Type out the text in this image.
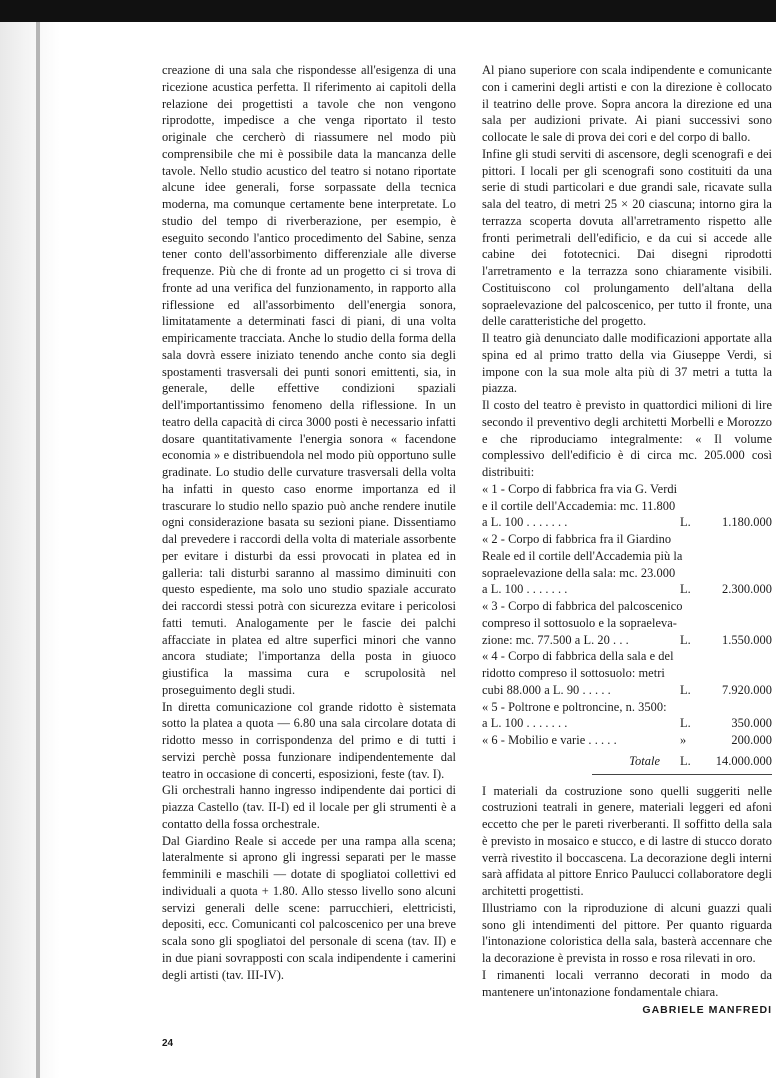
creazione di una sala che rispondesse all'esigenza di una ricezione acustica perfetta. Il riferimento ai capitoli della relazione dei progettisti a tavole che non vengono riprodotte, impedisce a che venga riportato il testo originale che cercherò di riassumere nel modo più comprensibile che mi è possibile data la mancanza delle tavole. Nello studio acustico del teatro si notano riportate alcune idee generali, forse sorpassate della tecnica moderna, ma comunque certamente bene interpretate. Lo studio del tempo di riverberazione, per esempio, è eseguito secondo l'antico procedimento del Sabine, senza tener conto dell'assorbimento differenziale alle diverse frequenze. Più che di fronte ad un progetto ci si trova di fronte ad una verifica del funzionamento, in rapporto alla riflessione ed all'assorbimento dell'energia sonora, limitatamente a determinati fasci di piani, di una volta empiricamente tracciata. Anche lo studio della forma della sala dovrà essere iniziato tenendo anche conto sia degli spostamenti trasversali dei punti sonori emittenti, sia, in generale, delle effettive condizioni spaziali dell'importantissimo fenomeno della riflessione. In un teatro della capacità di circa 3000 posti è necessario infatti dosare quantitativamente l'energia sonora « facendone economia » e distribuendola nel modo più opportuno sulle gradinate. Lo studio delle curvature trasversali della volta ha infatti in questo caso enorme importanza ed il trascurare lo studio nello spazio può anche rendere inutile ogni considerazione basata su sezioni piane. Dissentiamo dal prevedere i raccordi della volta di materiale assorbente per evitare i disturbi da essi provocati in platea ed in galleria: tali disturbi saranno al massimo diminuiti con questo espediente, ma solo uno studio spaziale accurato dei raccordi stessi potrà con sicurezza evitare i pericolosi fatti temuti. Analogamente per le fascie dei palchi affacciate in platea ed altre superfici minori che vanno ancora studiate; l'importanza della posta in giuoco giustifica la massima cura e scrupolosità nel proseguimento degli studi.

In diretta comunicazione col grande ridotto è sistemata sotto la platea a quota — 6.80 una sala circolare dotata di ridotto messo in corrispondenza del primo e di tutti i servizi perchè possa funzionare indipendentemente dal teatro in occasione di concerti, esposizioni, feste (tav. I).

Gli orchestrali hanno ingresso indipendente dai portici di piazza Castello (tav. II-I) ed il locale per gli strumenti è a contatto della fossa orchestrale.

Dal Giardino Reale si accede per una rampa alla scena; lateralmente si aprono gli ingressi separati per le masse femminili e maschili — dotate di spogliatoi collettivi ed individuali a quota + 1.80. Allo stesso livello sono alcuni servizi generali delle scene: parrucchieri, elettricisti, depositi, ecc. Comunicanti col palcoscenico per una breve scala sono gli spogliatoi del personale di scena (tav. II) e in due piani sovrapposti con scala indipendente i camerini degli artisti (tav. III-IV).

Al piano superiore con scala indipendente e comunicante con i camerini degli artisti e con la direzione è collocato il teatrino delle prove. Sopra ancora la direzione ed una sala per audizioni private. Ai piani successivi sono collocate le sale di prova dei cori e del corpo di ballo.

Infine gli studi serviti di ascensore, degli scenografi e dei pittori. I locali per gli scenografi sono costituiti da una serie di studi particolari e due grandi sale, ricavate sulla sala del teatro, di metri 25 × 20 ciascuna; intorno gira la terrazza scoperta dovuta all'arretramento rispetto alle fronti perimetrali dell'edificio, e da cui si accede alle cabine dei fototecnici. Dai disegni riprodotti l'arretramento e la terrazza sono chiaramente visibili. Costituiscono col prolungamento dell'altana della sopraelevazione del palcoscenico, per tutto il fronte, una delle caratteristiche del progetto.

Il teatro già denunciato dalle modificazioni apportate alla spina ed al primo tratto della via Giuseppe Verdi, si impone con la sua mole alta più di 37 metri a tutta la piazza.

Il costo del teatro è previsto in quattordici milioni di lire secondo il preventivo degli architetti Morbelli e Morozzo e che riproduciamo integralmente: « Il volume complessivo dell'edificio è di circa mc. 205.000 così distribuiti:

« 1 - Corpo di fabbrica fra via G. Verdi
e il cortile dell'Accademia: mc. 11.800
a L. 100 . . . . . . .	L.	1.180.000
« 2 - Corpo di fabbrica fra il Giardino
Reale ed il cortile dell'Accademia più la
sopraelevazione della sala: mc. 23.000
a L. 100 . . . . . . .	L.	2.300.000
« 3 - Corpo di fabbrica del palcoscenico
compreso il sottosuolo e la sopraeleva-
zione: mc. 77.500 a L. 20 . . .	L.	1.550.000
« 4 - Corpo di fabbrica della sala e del
ridotto compreso il sottosuolo: metri
cubi 88.000 a L. 90 . . . . .	L.	7.920.000
« 5 - Poltrone e poltroncine, n. 3500:
a L. 100 . . . . . . .	L.	350.000
« 6 - Mobilio e varie . . . . .	»	200.000
Totale	L.	14.000.000

I materiali da costruzione sono quelli suggeriti nelle costruzioni teatrali in genere, materiali leggeri ed afoni eccetto che per le pareti riverberanti. Il soffitto della sala è previsto in mosaico e stucco, e di lastre di stucco dorato verrà rivestito il boccascena. La decorazione degli interni sarà affidata al pittore Enrico Paulucci collaboratore degli architetti progettisti.

Illustriamo con la riproduzione di alcuni guazzi quali sono gli intendimenti del pittore. Per quanto riguarda l'intonazione coloristica della sala, basterà accennare che la decorazione è prevista in rosso e rosa rilevati in oro.

I rimanenti locali verranno decorati in modo da mantenere un'intonazione fondamentale chiara.

GABRIELE MANFREDI
24
